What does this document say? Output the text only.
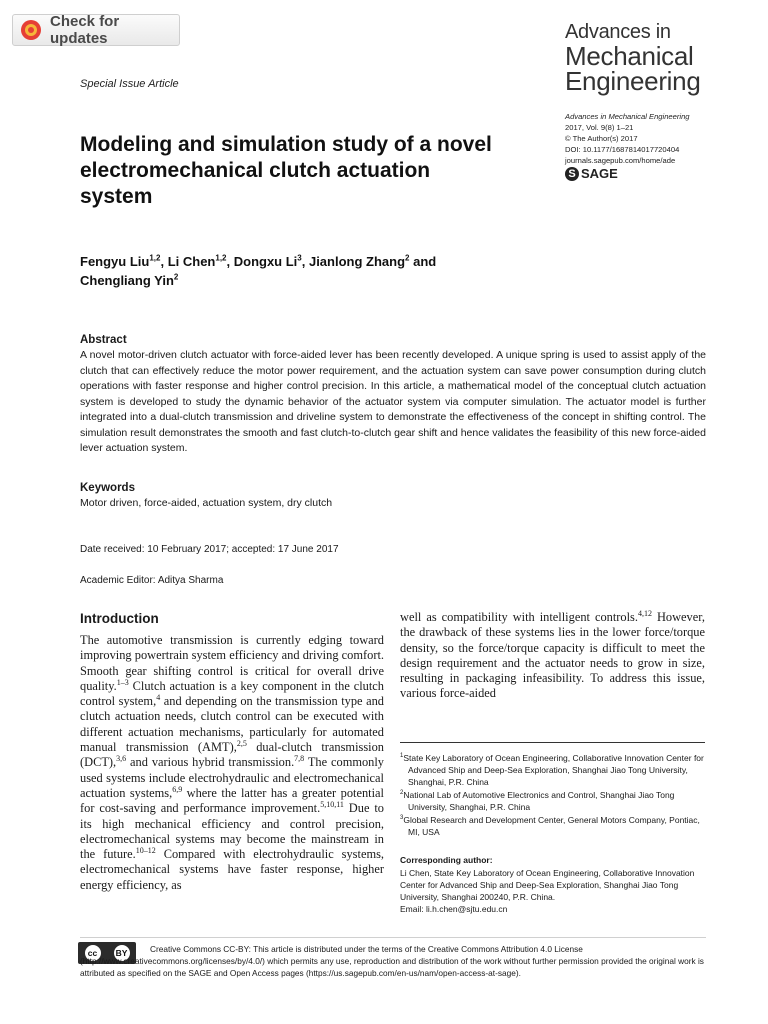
Check for updates	Advances in
Mechanical
Engineering
Advances in Mechanical Engineering
2017, Vol. 9(8) 1–21
© The Author(s) 2017
DOI: 10.1177/1687814017720404
journals.sagepub.com/home/ade
S SAGE
Special Issue Article
Modeling and simulation study of a novel electromechanical clutch actuation system
Fengyu Liu$^{1,2}$, Li Chen$^{1,2}$, Dongxu Li$^3$, Jianlong Zhang$^2$ and
Chengliang Yin$^2$
Abstract

A novel motor-driven clutch actuator with force-aided lever has been recently developed. A unique spring is used to assist apply of the clutch that can effectively reduce the motor power requirement, and the actuation system can save power consumption during clutch operations with faster response and higher control precision. In this article, a mathematical model of the conceptual clutch actuation system is developed to study the dynamic behavior of the actuator system via computer simulation. The actuator model is further integrated into a dual-clutch transmission and driveline system to demonstrate the effectiveness of the concept in shifting control. The simulation result demonstrates the smooth and fast clutch-to-clutch gear shift and hence validates the feasibility of this new force-aided lever actuation system.

Keywords
Motor driven, force-aided, actuation system, dry clutch
Date received: 10 February 2017; accepted: 17 June 2017
Academic Editor: Aditya Sharma
Introduction

The automotive transmission is currently edging toward improving powertrain system efficiency and driving comfort. Smooth gear shifting control is critical for overall drive quality.$^{1-3}$ Clutch actuation is a key component in the clutch control system,$^4$ and depending on the transmission type and clutch actuation needs, clutch control can be executed with different actuation mechanisms, particularly for automated manual transmission (AMT),$^{2,5}$ dual-clutch transmission (DCT),$^{3,6}$ and various hybrid transmission.$^{7,8}$ The commonly used systems include electrohydraulic and electromechanical actuation systems,$^{6,9}$ where the latter has a greater potential for cost-saving and performance improvement.$^{5,10,11}$ Due to its high mechanical efficiency and control precision, electromechanical systems may become the mainstream in the future.$^{10-12}$ Compared with electrohydraulic systems, electromechanical systems have faster response, higher energy efficiency, as

well as compatibility with intelligent controls.$^{4,12}$ However, the drawback of these systems lies in the lower force/torque density, so the force/torque capacity is difficult to meet the design requirement and the actuator needs to grow in size, resulting in packaging infeasibility. To address this issue, various force-aided

$^1$State Key Laboratory of Ocean Engineering, Collaborative Innovation Center for Advanced Ship and Deep-Sea Exploration, Shanghai Jiao Tong University, Shanghai, P.R. China

$^2$National Lab of Automotive Electronics and Control, Shanghai Jiao Tong University, Shanghai, P.R. China

$^3$Global Research and Development Center, General Motors Company, Pontiac, MI, USA

Corresponding author:
Li Chen, State Key Laboratory of Ocean Engineering, Collaborative Innovation Center for Advanced Ship and Deep-Sea Exploration, Shanghai Jiao Tong University, Shanghai 200240, P.R. China.
Email: li.h.chen@sjtu.edu.cn
cc	BY	Creative Commons CC-BY: This article is distributed under the terms of the Creative Commons Attribution 4.0 License (http://www.creativecommons.org/licenses/by/4.0/) which permits any use, reproduction and distribution of the work without further permission provided the original work is attributed as specified on the SAGE and Open Access pages (https://us.sagepub.com/en-us/nam/open-access-at-sage).
